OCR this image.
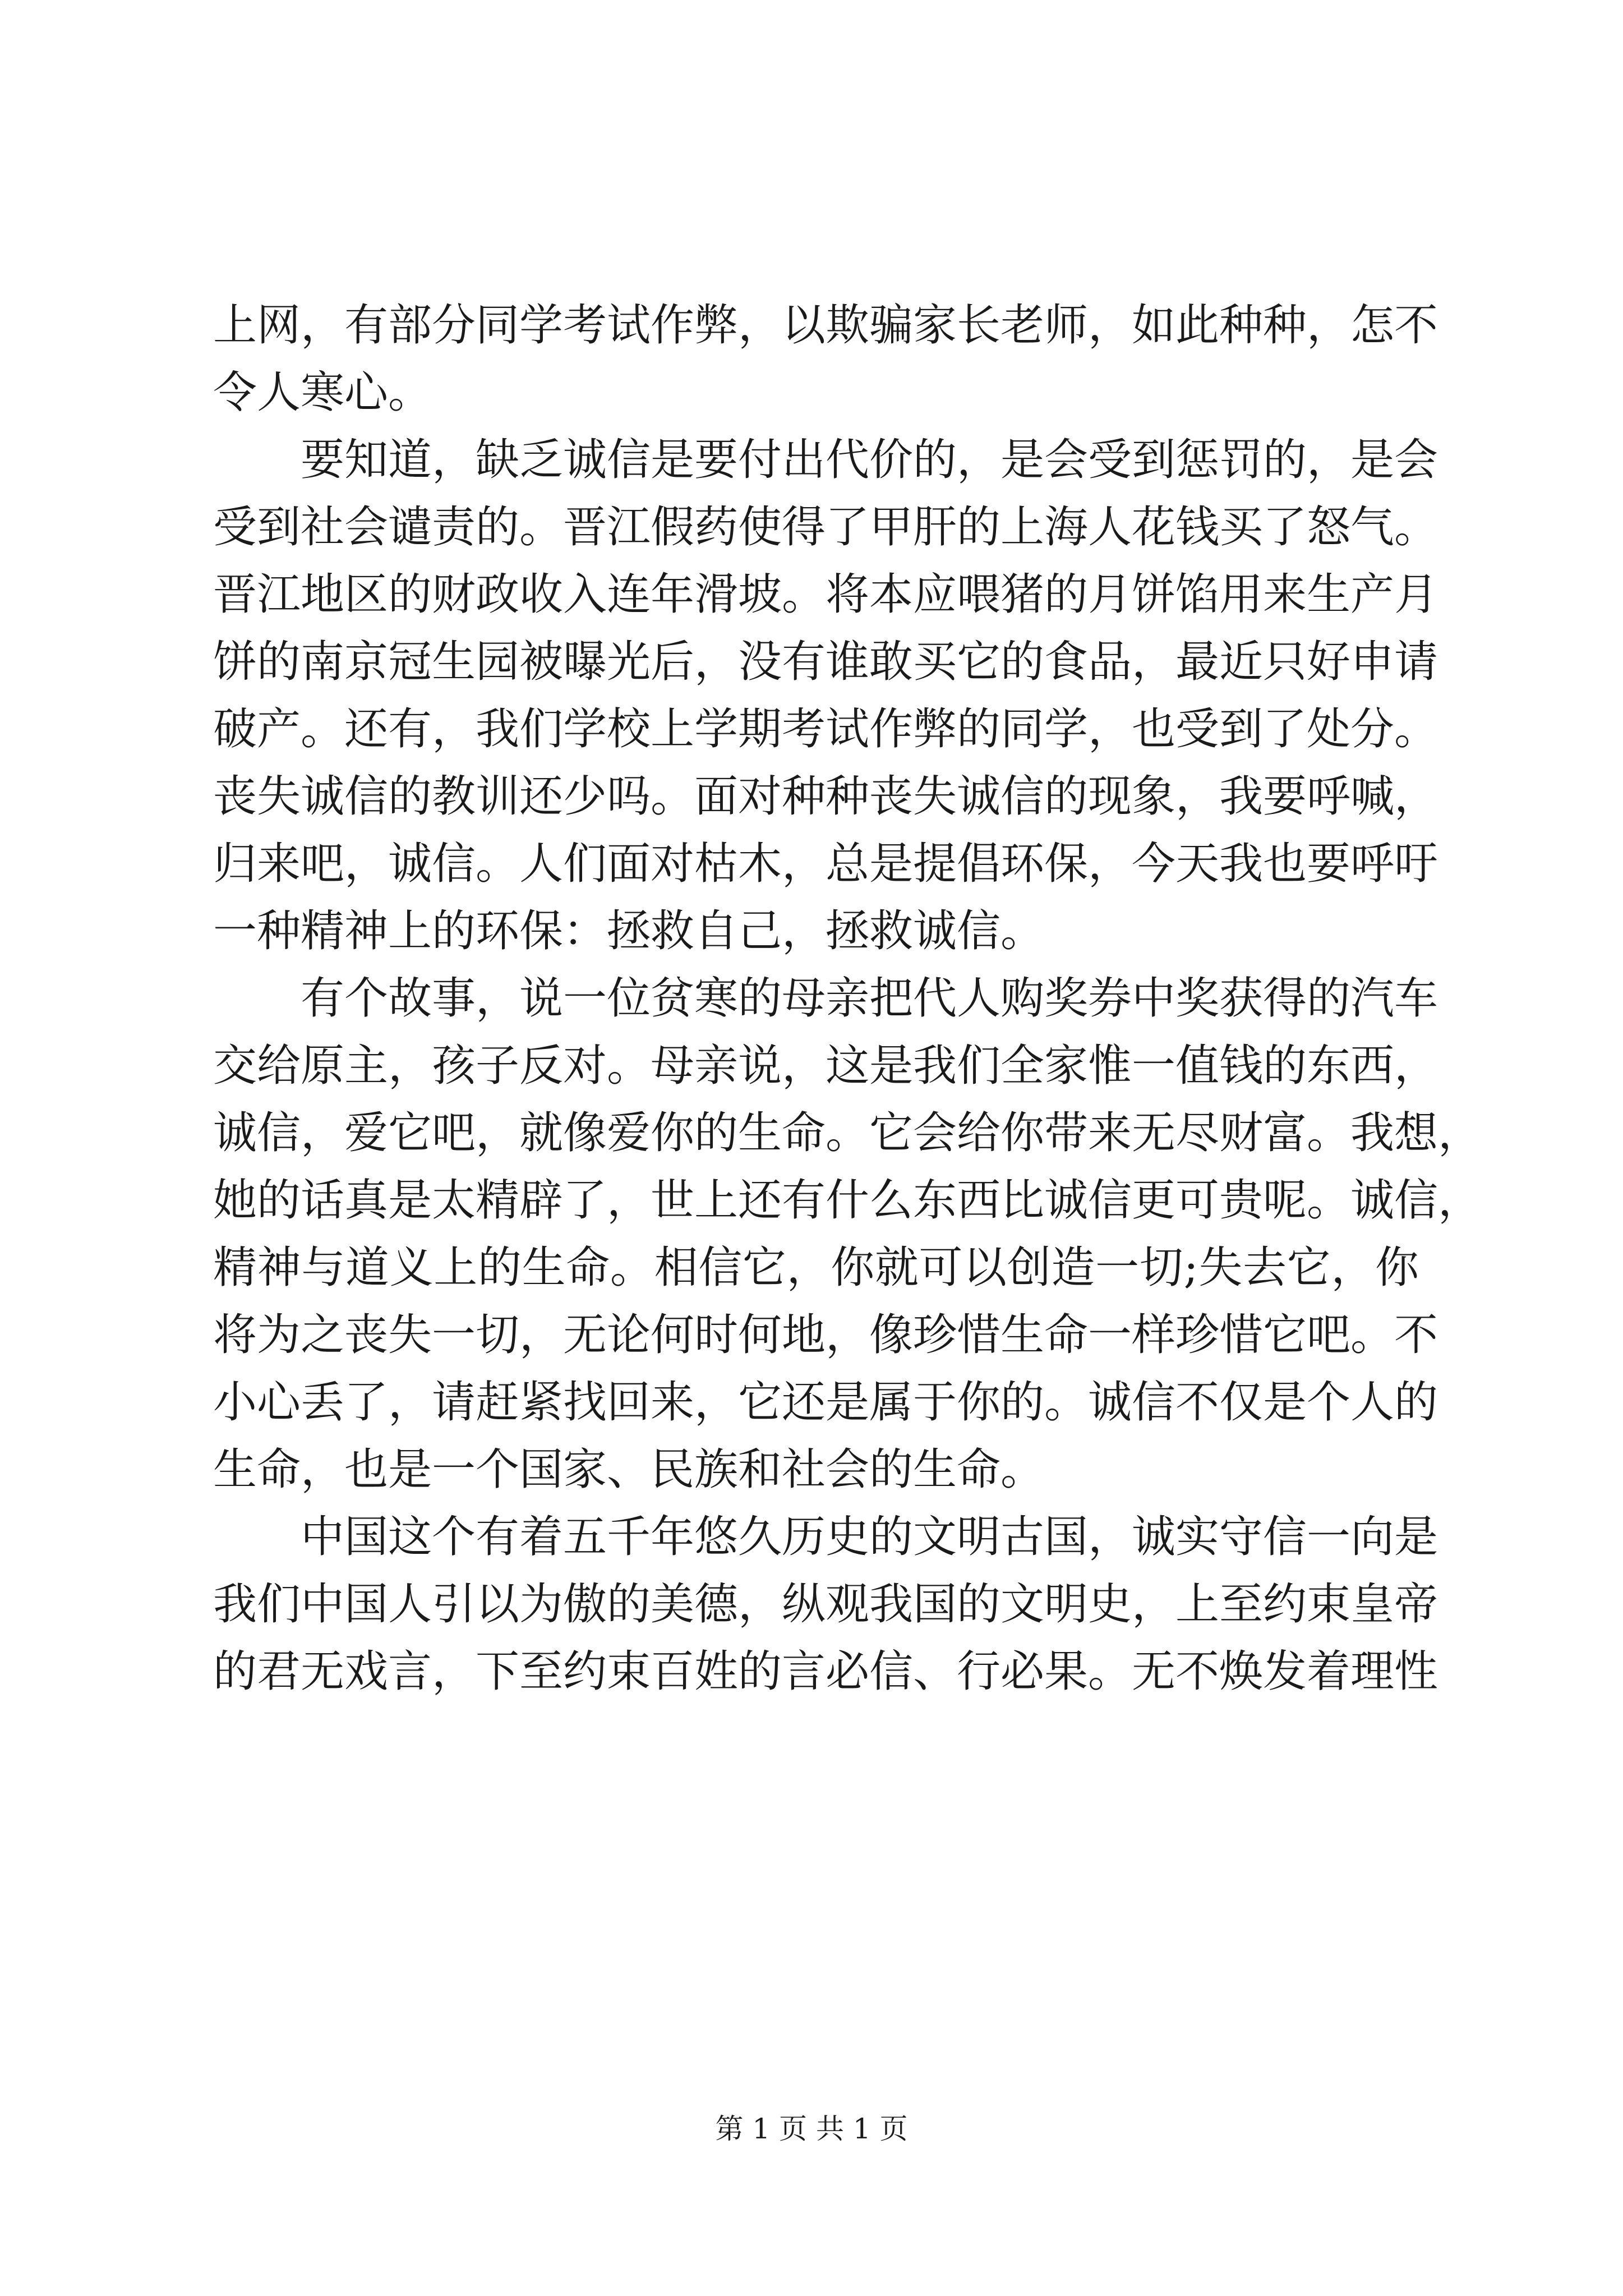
上网，有部分同学考试作弊，以欺骗家长老师，如此种种，怎不
令人寒心。
要知道，缺乏诚信是要付出代价的，是会受到惩罚的，是会
受到社会谴责的。晋江假药使得了甲肝的上海人花钱买了怒气。
晋江地区的财政收入连年滑坡。将本应喂猪的月饼馅用来生产月
饼的南京冠生园被曝光后，没有谁敢买它的食品，最近只好申请
破产。还有，我们学校上学期考试作弊的同学，也受到了处分。
丧失诚信的教训还少吗。面对种种丧失诚信的现象，我要呼喊，
归来吧，诚信。人们面对枯木，总是提倡环保，今天我也要呼吁
一种精神上的环保：拯救自己，拯救诚信。
有个故事，说一位贫寒的母亲把代人购奖券中奖获得的汽车
交给原主，孩子反对。母亲说，这是我们全家惟一值钱的东西，
诚信，爱它吧，就像爱你的生命。它会给你带来无尽财富。我想，
她的话真是太精辟了，世上还有什么东西比诚信更可贵呢。诚信，
精神与道义上的生命。相信它，你就可以创造一切;失去它，你
将为之丧失一切，无论何时何地，像珍惜生命一样珍惜它吧。不
小心丢了，请赶紧找回来，它还是属于你的。诚信不仅是个人的
生命，也是一个国家、民族和社会的生命。
中国这个有着五千年悠久历史的文明古国，诚实守信一向是
我们中国人引以为傲的美德，纵观我国的文明史，上至约束皇帝
的君无戏言，下至约束百姓的言必信、行必果。无不焕发着理性
第 1 页 共 1 页
